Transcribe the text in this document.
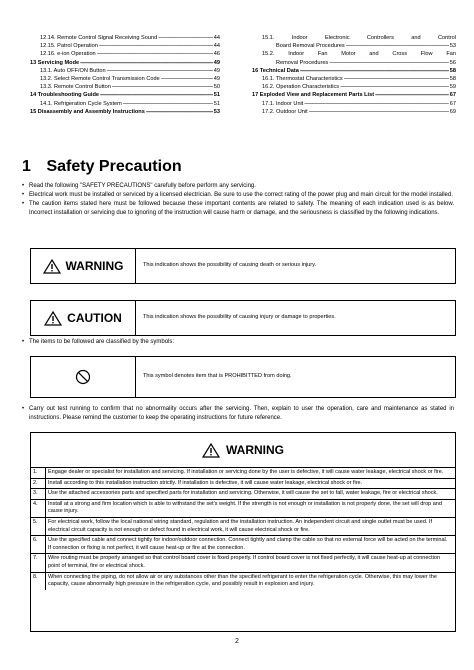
12.14. Remote Control Signal Receiving Sound -----	44
12.15. Patrol Operation -----	44
12.16. e-ion Operation -----	46
13 Servicing Mode -----	49
13.1. Auto OFF/ON Button -----	49
13.2. Select Remote Control Transmission Code -----	49
13.3. Remote Control Button -----	50
14 Troubleshooting Guide -----	51
14.1. Refrigeration Cycle System -----	51
15 Disassembly and Assembly Instructions -----	53
15.1. Indoor Electronic Controllers and Control
Board Removal Procedures -----	53
15.2. Indoor Fan Motor and Cross Flow Fan
Removal Procedures -----	56
16 Technical Data -----	58
16.1. Thermostat Characteristics -----	58
16.2. Operation Characteristics -----	59
17 Exploded View and Replacement Parts List -----	67
17.1. Indoor Unit -----	67
17.2. Outdoor Unit -----	69
1 Safety Precaution
• Read the following "SAFETY PRECAUTIONS" carefully before perform any servicing.
• Electrical work must be installed or serviced by a licensed electrician. Be sure to use the correct rating of the power plug and main circuit for the model installed.
• The caution items stated here must be followed because these important contents are related to safety. The meaning of each indication used is as below. Incorrect installation or servicing due to ignoring of the instruction will cause harm or damage, and the seriousness is classified by the following indications.
WARNING	This indication shows the possibility of causing death or serious injury.
CAUTION	This indication shows the possibility of causing injury or damage to properties.
• The items to be followed are classified by the symbols:
This symbol denotes item that is PROHIBITTED from doing.
• Carry out test running to confirm that no abnormality occurs after the servicing. Then, explain to user the operation, care and maintenance as stated in instructions. Please remind the customer to keep the operating instructions for future reference.
WARNING
1.	Engage dealer or specialist for installation and servicing. If installation or servicing done by the user is defective, it will cause water leakage, electrical shock or fire.
2.	Install according to this installation instruction strictly. If installation is defective, it will cause water leakage, electrical shock or fire.
3.	Use the attached accessories parts and specified parts for installation and servicing. Otherwise, it will cause the set to fall, water leakage, fire or electrical shock.
4.	Install at a strong and firm location which is able to withstand the set's weight. If the strength is not enough or installation is not properly done, the set will drop and cause injury.
5.	For electrical work, follow the local national wiring standard, regulation and the installation instruction. An independent circuit and single outlet must be used. If electrical circuit capacity is not enough or defect found in electrical work, it will cause electrical shock or fire.
6.	Use the specified cable and connect tightly for indoor/outdoor connection. Connect tightly and clamp the cable so that no external force will be acted on the terminal. If connection or fixing is not perfect, it will cause heat-up or fire at the connection.
7.	Wire routing must be properly arranged so that control board cover is fixed properly. If control board cover is not fixed perfectly, it will cause heat-up at connection point of terminal, fire or electrical shock.
8.	When connecting the piping, do not allow air or any substances other than the specified refrigerant to enter the refrigeration cycle. Otherwise, this may lower the capacity, cause abnormally high pressure in the refrigeration cycle, and possibly result in explosion and injury.
2
